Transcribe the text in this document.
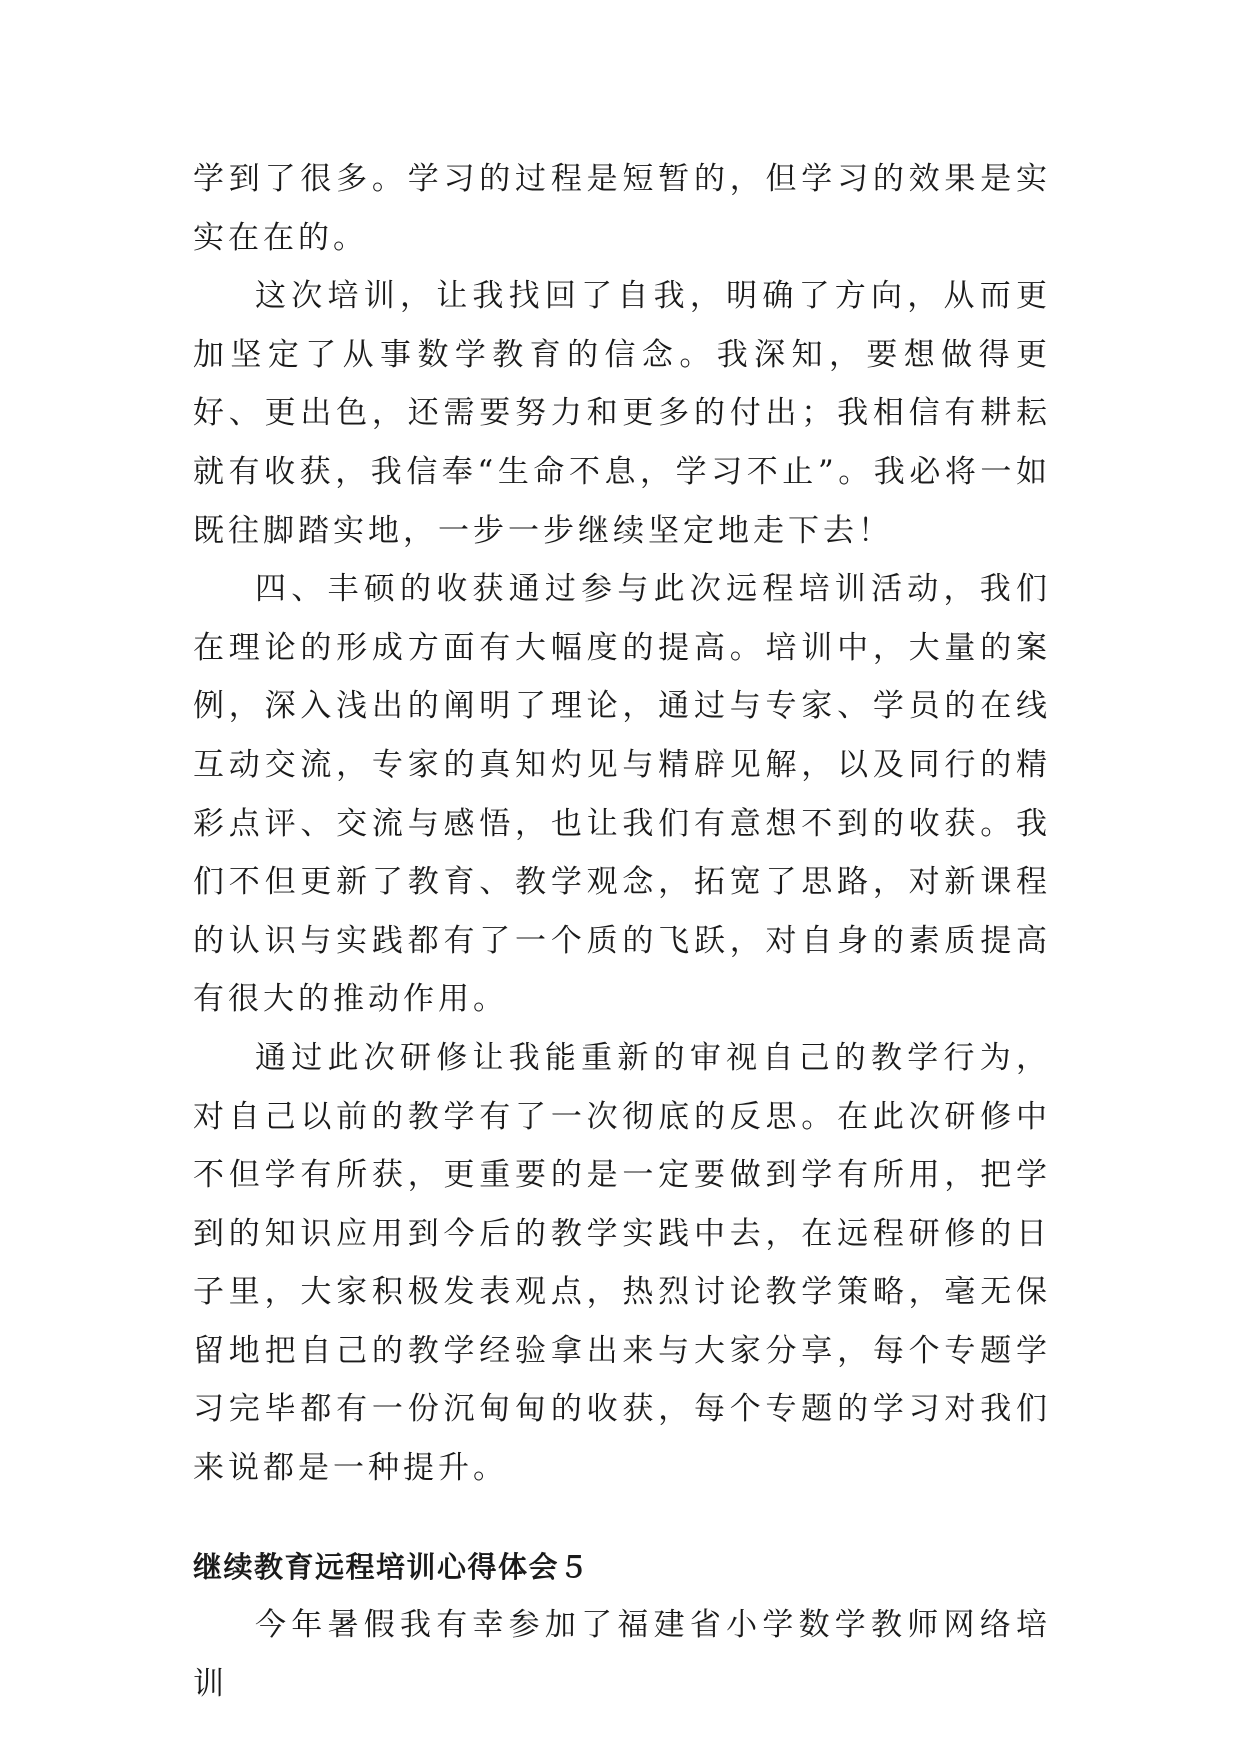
学到了很多。学习的过程是短暂的，但学习的效果是实实在在的。

这次培训，让我找回了自我，明确了方向，从而更加坚定了从事数学教育的信念。我深知，要想做得更好、更出色，还需要努力和更多的付出；我相信有耕耘就有收获，我信奉“生命不息，学习不止”。我必将一如既往脚踏实地，一步一步继续坚定地走下去！

四、丰硕的收获通过参与此次远程培训活动，我们在理论的形成方面有大幅度的提高。培训中，大量的案例，深入浅出的阐明了理论，通过与专家、学员的在线互动交流，专家的真知灼见与精辟见解，以及同行的精彩点评、交流与感悟，也让我们有意想不到的收获。我们不但更新了教育、教学观念，拓宽了思路，对新课程的认识与实践都有了一个质的飞跃，对自身的素质提高有很大的推动作用。

通过此次研修让我能重新的审视自己的教学行为，对自己以前的教学有了一次彻底的反思。在此次研修中不但学有所获，更重要的是一定要做到学有所用，把学到的知识应用到今后的教学实践中去，在远程研修的日子里，大家积极发表观点，热烈讨论教学策略，毫无保留地把自己的教学经验拿出来与大家分享，每个专题学习完毕都有一份沉甸甸的收获，每个专题的学习对我们来说都是一种提升。

继续教育远程培训心得体会５

今年暑假我有幸参加了福建省小学数学教师网络培训
